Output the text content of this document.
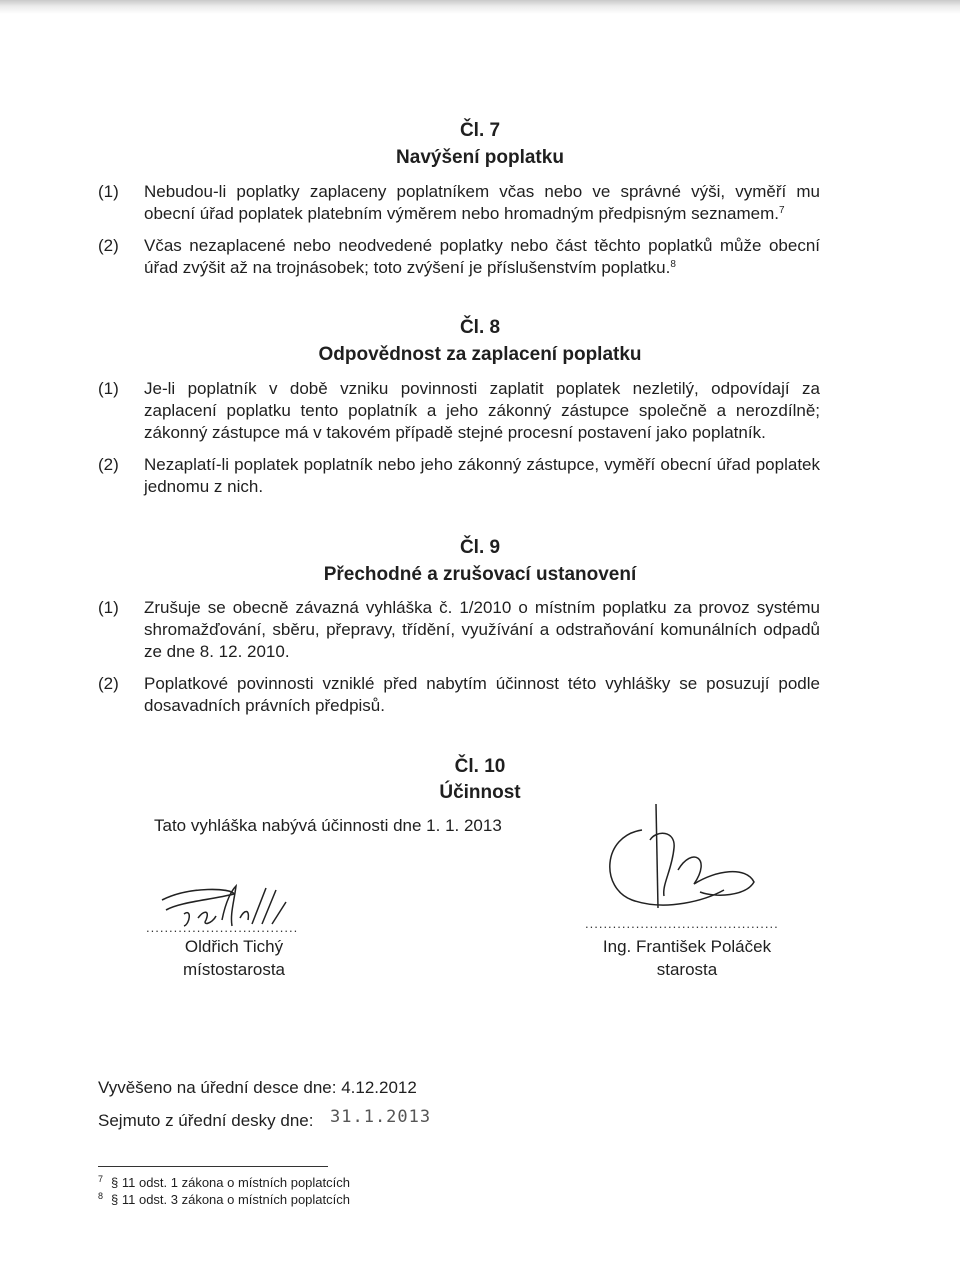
Čl. 7
Navýšení poplatku
(1)	Nebudou-li poplatky zaplaceny poplatníkem včas nebo ve správné výši, vyměří mu obecní úřad poplatek platebním výměrem nebo hromadným předpisným seznamem.$^7$
(2)	Včas nezaplacené nebo neodvedené poplatky nebo část těchto poplatků může obecní úřad zvýšit až na trojnásobek; toto zvýšení je příslušenstvím poplatku.$^8$
Čl. 8
Odpovědnost za zaplacení poplatku
(1)	Je-li poplatník v době vzniku povinnosti zaplatit poplatek nezletilý, odpovídají za zaplacení poplatku tento poplatník a jeho zákonný zástupce společně a nerozdílně; zákonný zástupce má v takovém případě stejné procesní postavení jako poplatník.
(2)	Nezaplatí-li poplatek poplatník nebo jeho zákonný zástupce, vyměří obecní úřad poplatek jednomu z nich.
Čl. 9
Přechodné a zrušovací ustanovení
(1)	Zrušuje se obecně závazná vyhláška č. 1/2010 o místním poplatku za provoz systému shromažďování, sběru, přepravy, třídění, využívání a odstraňování komunálních odpadů ze dne 8. 12. 2010.
(2)	Poplatkové povinnosti vzniklé před nabytím účinnost této vyhlášky se posuzují podle dosavadních právních předpisů.
Čl. 10
Účinnost
Tato vyhláška nabývá účinnosti dne 1. 1. 2013
.................................
Oldřich Tichý
místostarosta
..........................................
Ing. František Poláček
starosta
Vyvěšeno na úřední desce dne: 4.12.2012
Sejmuto z úřední desky dne: 31.1.2013
$^7$ § 11 odst. 1 zákona o místních poplatcích
$^8$ § 11 odst. 3 zákona o místních poplatcích
